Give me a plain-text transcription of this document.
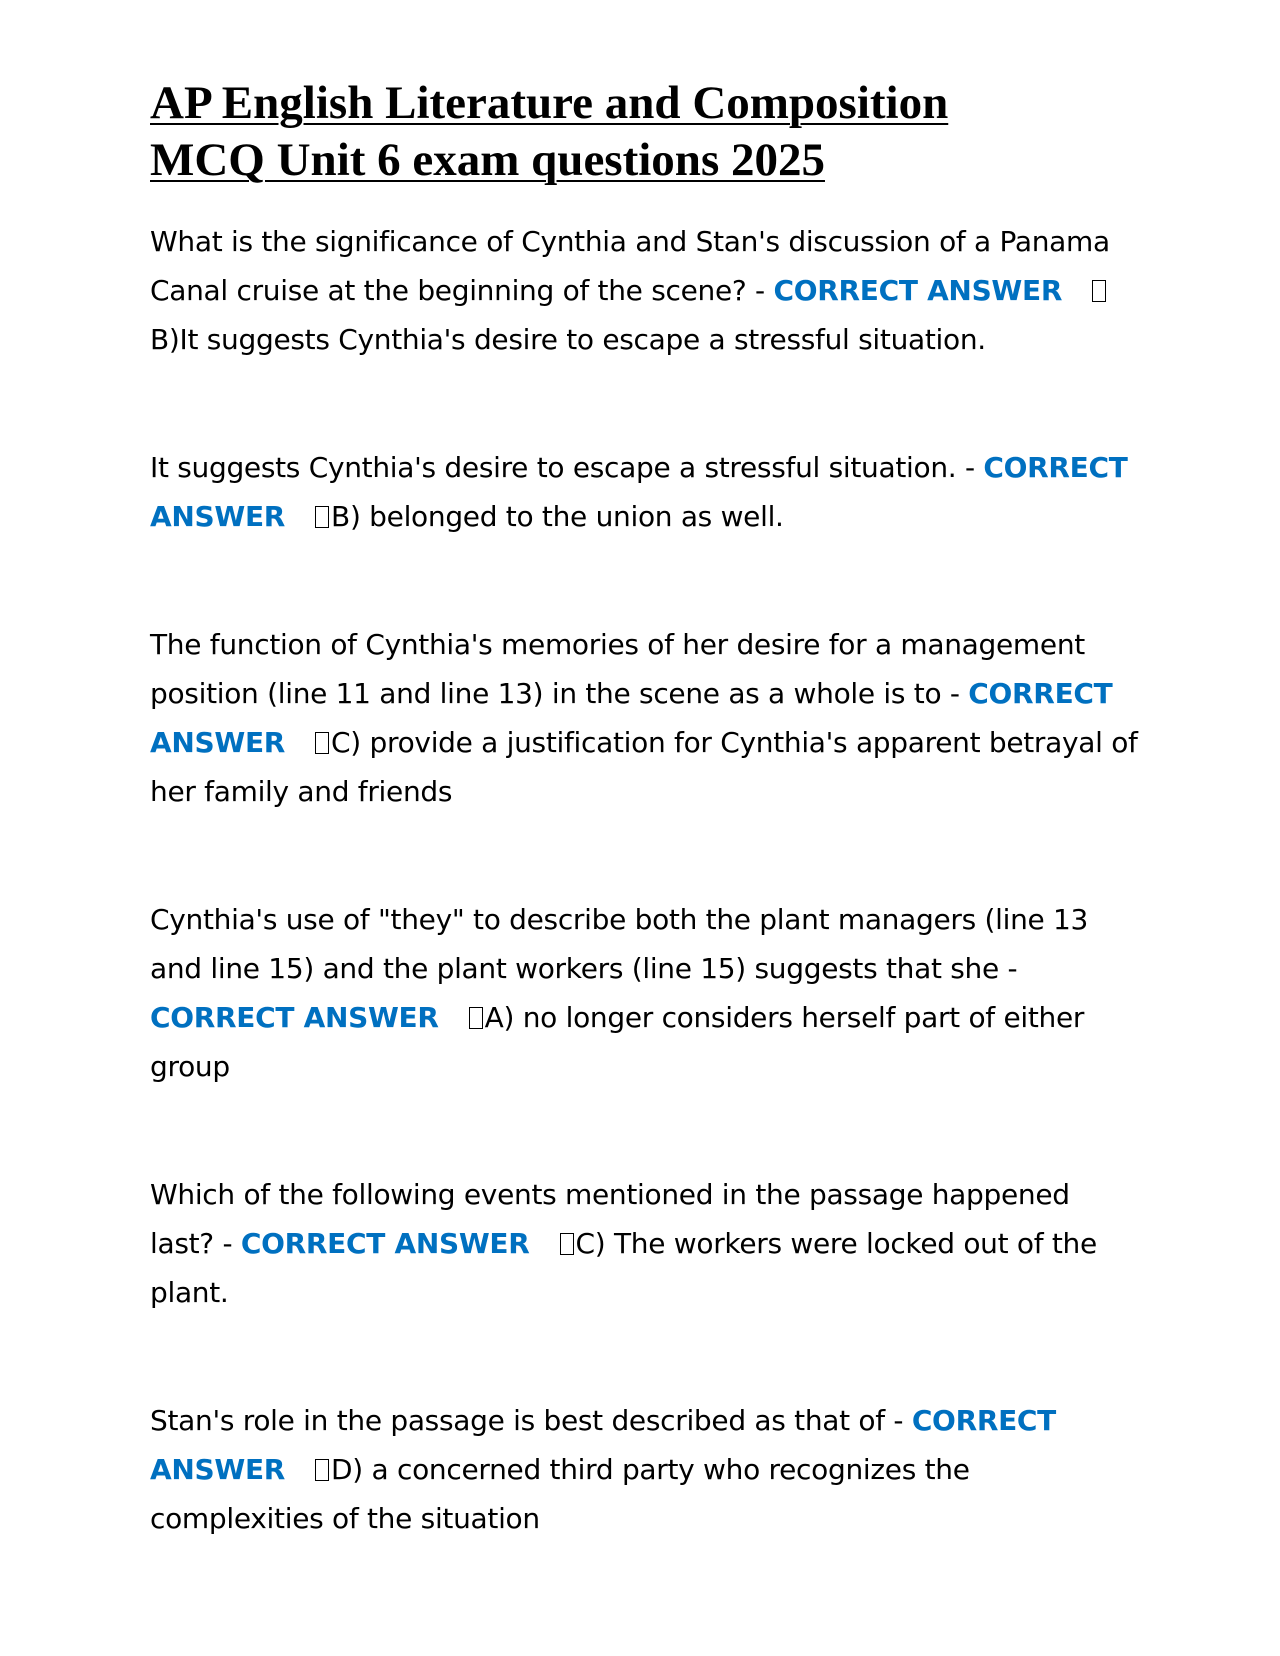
AP English Literature and Composition
MCQ Unit 6 exam questions 2025

What is the significance of Cynthia and Stan's discussion of a Panama Canal cruise at the beginning of the scene? - CORRECT ANSWERB)It suggests Cynthia's desire to escape a stressful situation.

It suggests Cynthia's desire to escape a stressful situation. - CORRECT ANSWER B) belonged to the union as well.

The function of Cynthia's memories of her desire for a management position (line 11 and line 13) in the scene as a whole is to - CORRECT ANSWER C) provide a justification for Cynthia's apparent betrayal of her family and friends

Cynthia's use of "they" to describe both the plant managers (line 13 and line 15) and the plant workers (line 15) suggests that she - CORRECT ANSWER A) no longer considers herself part of either group

Which of the following events mentioned in the passage happened last? - CORRECT ANSWER C) The workers were locked out of the plant.

Stan's role in the passage is best described as that of - CORRECT ANSWER D) a concerned third party who recognizes the complexities of the situation
